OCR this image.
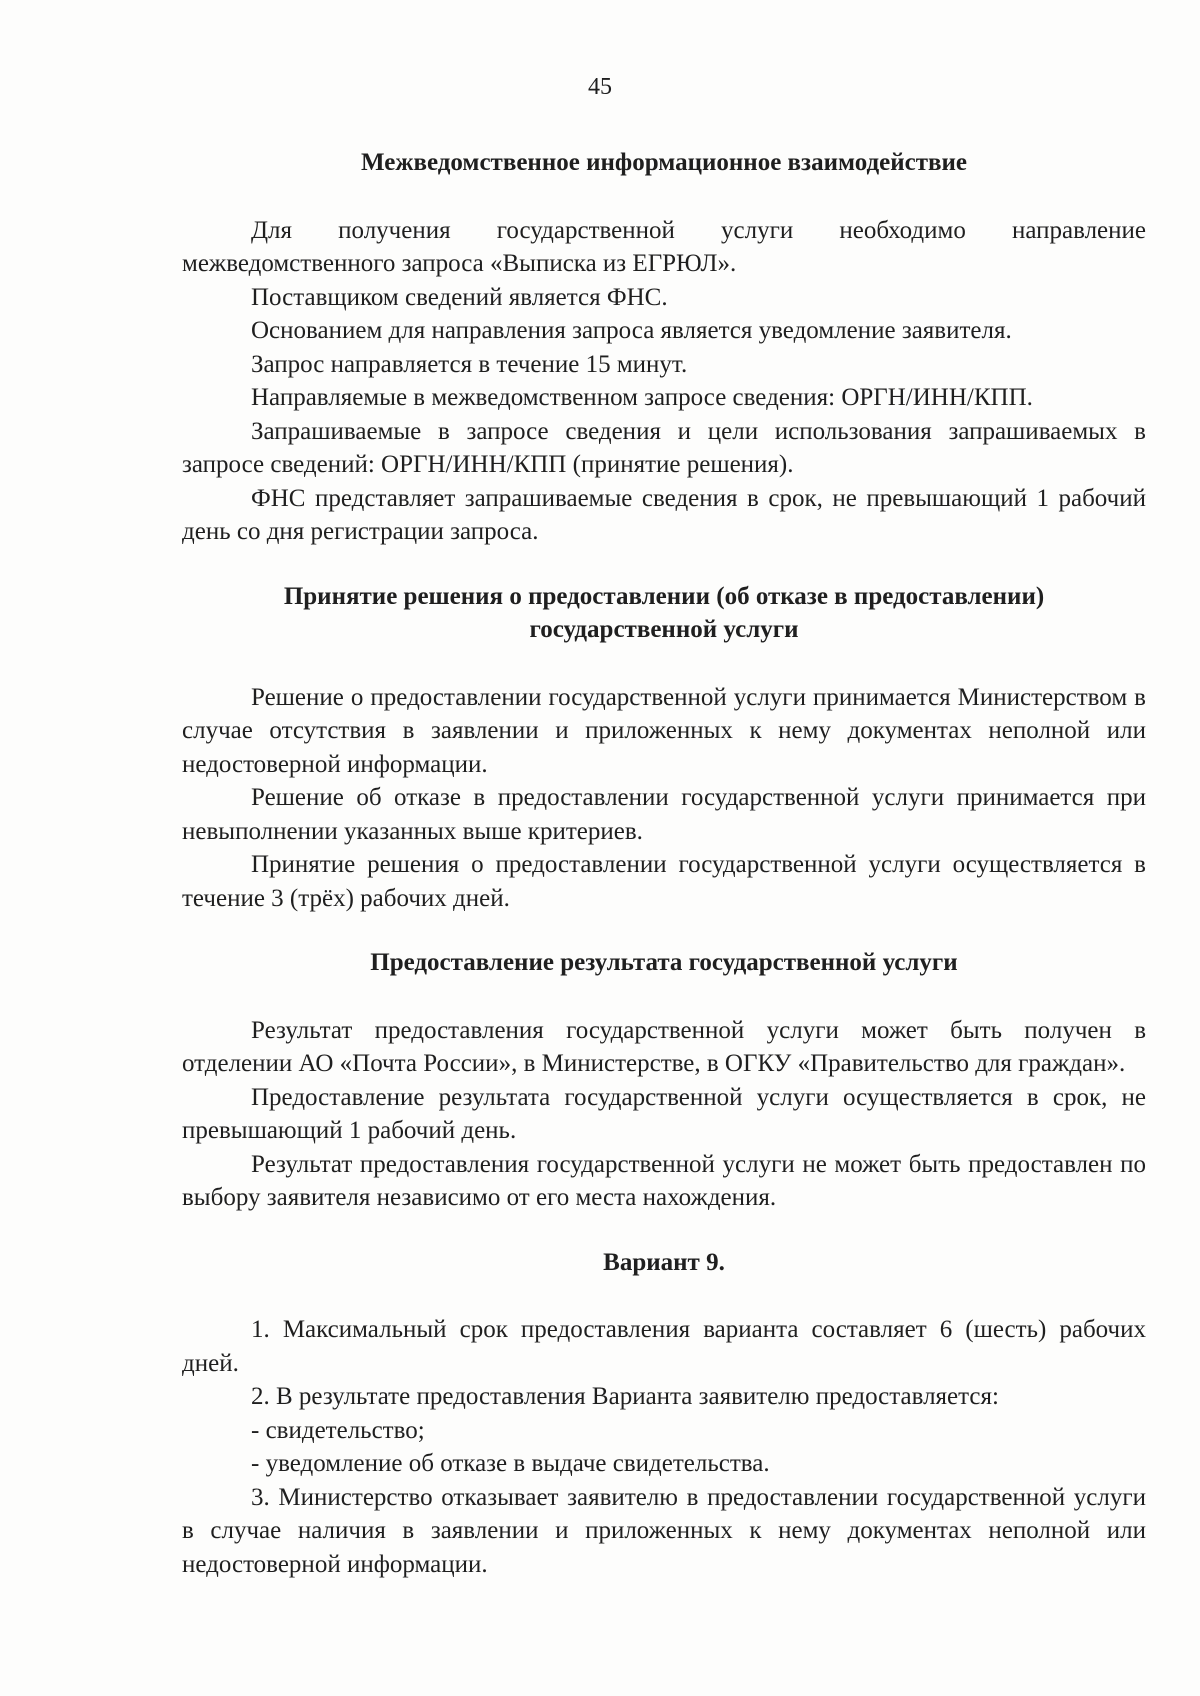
45
Межведомственное информационное взаимодействие

Для получения государственной услуги необходимо направление межведомственного запроса «Выписка из ЕГРЮЛ».

Поставщиком сведений является ФНС.

Основанием для направления запроса является уведомление заявителя.

Запрос направляется в течение 15 минут.

Направляемые в межведомственном запросе сведения: ОРГН/ИНН/КПП.

Запрашиваемые в запросе сведения и цели использования запрашиваемых в запросе сведений: ОРГН/ИНН/КПП (принятие решения).

ФНС представляет запрашиваемые сведения в срок, не превышающий 1 рабочий день со дня регистрации запроса.

Принятие решения о предоставлении (об отказе в предоставлении)
государственной услуги

Решение о предоставлении государственной услуги принимается Министерством в случае отсутствия в заявлении и приложенных к нему документах неполной или недостоверной информации.

Решение об отказе в предоставлении государственной услуги принимается при невыполнении указанных выше критериев.

Принятие решения о предоставлении государственной услуги осуществляется в течение 3 (трёх) рабочих дней.

Предоставление результата государственной услуги

Результат предоставления государственной услуги может быть получен в отделении АО «Почта России», в Министерстве, в ОГКУ «Правительство для граждан».

Предоставление результата государственной услуги осуществляется в срок, не превышающий 1 рабочий день.

Результат предоставления государственной услуги не может быть предоставлен по выбору заявителя независимо от его места нахождения.

Вариант 9.

1. Максимальный срок предоставления варианта составляет 6 (шесть) рабочих дней.

2. В результате предоставления Варианта заявителю предоставляется:

- свидетельство;
- уведомление об отказе в выдаче свидетельства.

3. Министерство отказывает заявителю в предоставлении государственной услуги в случае наличия в заявлении и приложенных к нему документах неполной или недостоверной информации.
